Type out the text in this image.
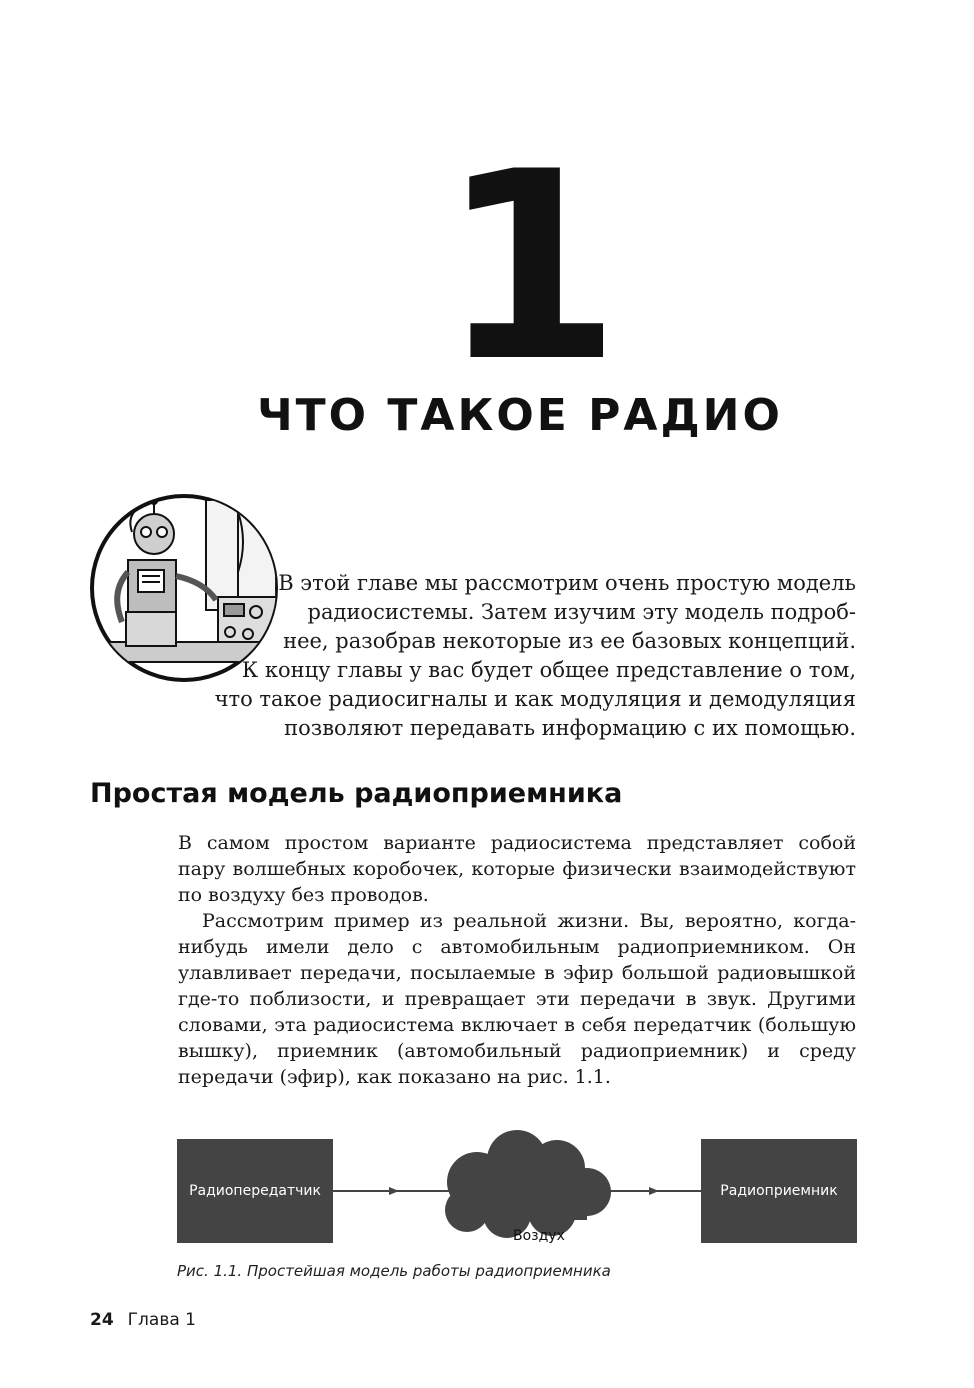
1
ЧТО ТАКОЕ РАДИО

В этой главе мы рассмотрим очень простую модель

радиосистемы. Затем изучим эту модель подроб-

нее, разобрав некоторые из ее базовых концепций.

К концу главы у вас будет общее представление о том,

что такое радиосигналы и как модуляция и демодуляция

позволяют передавать информацию с их помощью.

Простая модель радиоприемника

В самом простом варианте радиосистема представляет собой пару волшебных коробочек, которые физически взаимодействуют по воздуху без проводов.

Рассмотрим пример из реальной жизни. Вы, вероятно, когда-нибудь имели дело с автомобильным радиоприемником. Он улавливает передачи, посылаемые в эфир большой радиовышкой где-то поблизости, и превращает эти передачи в звук. Другими словами, эта радиосистема включает в себя передатчик (большую вышку), приемник (автомобильный радиоприемник) и среду передачи (эфир), как показано на рис. 1.1.

Радиопередатчик
Воздух
Радиоприемник
Рис. 1.1. Простейшая модель работы радиоприемника
24 Глава 1
